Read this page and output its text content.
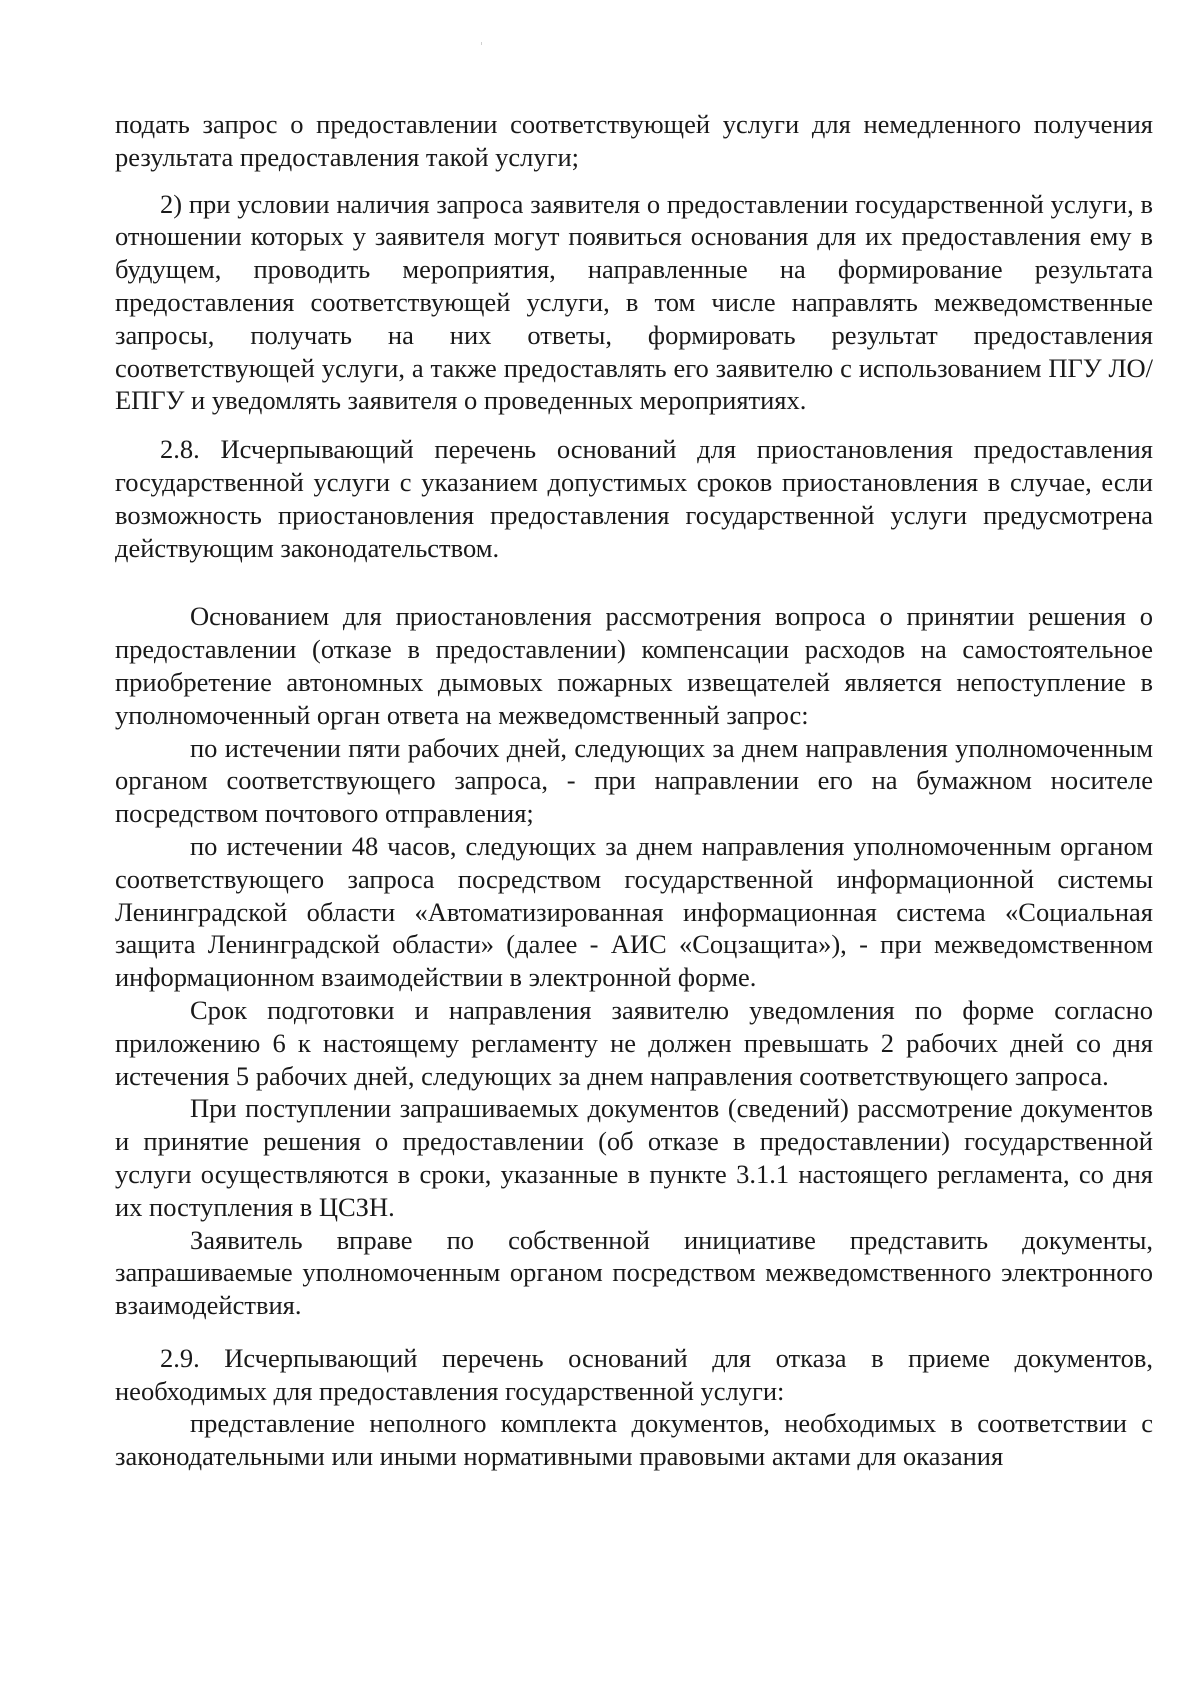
подать запрос о предоставлении соответствующей услуги для немедленного получения результата предоставления такой услуги;

2) при условии наличия запроса заявителя о предоставлении государственной услуги, в отношении которых у заявителя могут появиться основания для их предоставления ему в будущем, проводить мероприятия, направленные на формирование результата предоставления соответствующей услуги, в том числе направлять межведомственные запросы, получать на них ответы, формировать результат предоставления соответствующей услуги, а также предоставлять его заявителю с использованием ПГУ ЛО/ЕПГУ и уведомлять заявителя о проведенных мероприятиях.

2.8. Исчерпывающий перечень оснований для приостановления предоставления государственной услуги с указанием допустимых сроков приостановления в случае, если возможность приостановления предоставления государственной услуги предусмотрена действующим законодательством.

Основанием для приостановления рассмотрения вопроса о принятии решения о предоставлении (отказе в предоставлении) компенсации расходов на самостоятельное приобретение автономных дымовых пожарных извещателей является непоступление в уполномоченный орган ответа на межведомственный запрос:

по истечении пяти рабочих дней, следующих за днем направления уполномоченным органом соответствующего запроса, - при направлении его на бумажном носителе посредством почтового отправления;

по истечении 48 часов, следующих за днем направления уполномоченным органом соответствующего запроса посредством государственной информационной системы Ленинградской области «Автоматизированная информационная система «Социальная защита Ленинградской области» (далее - АИС «Соцзащита»), - при межведомственном информационном взаимодействии в электронной форме.

Срок подготовки и направления заявителю уведомления по форме согласно приложению 6 к настоящему регламенту не должен превышать 2 рабочих дней со дня истечения 5 рабочих дней, следующих за днем направления соответствующего запроса.

При поступлении запрашиваемых документов (сведений) рассмотрение документов и принятие решения о предоставлении (об отказе в предоставлении) государственной услуги осуществляются в сроки, указанные в пункте 3.1.1 настоящего регламента, со дня их поступления в ЦСЗН.

Заявитель вправе по собственной инициативе представить документы, запрашиваемые уполномоченным органом посредством межведомственного электронного взаимодействия.

2.9. Исчерпывающий перечень оснований для отказа в приеме документов, необходимых для предоставления государственной услуги:

представление неполного комплекта документов, необходимых в соответствии с законодательными или иными нормативными правовыми актами для оказания
